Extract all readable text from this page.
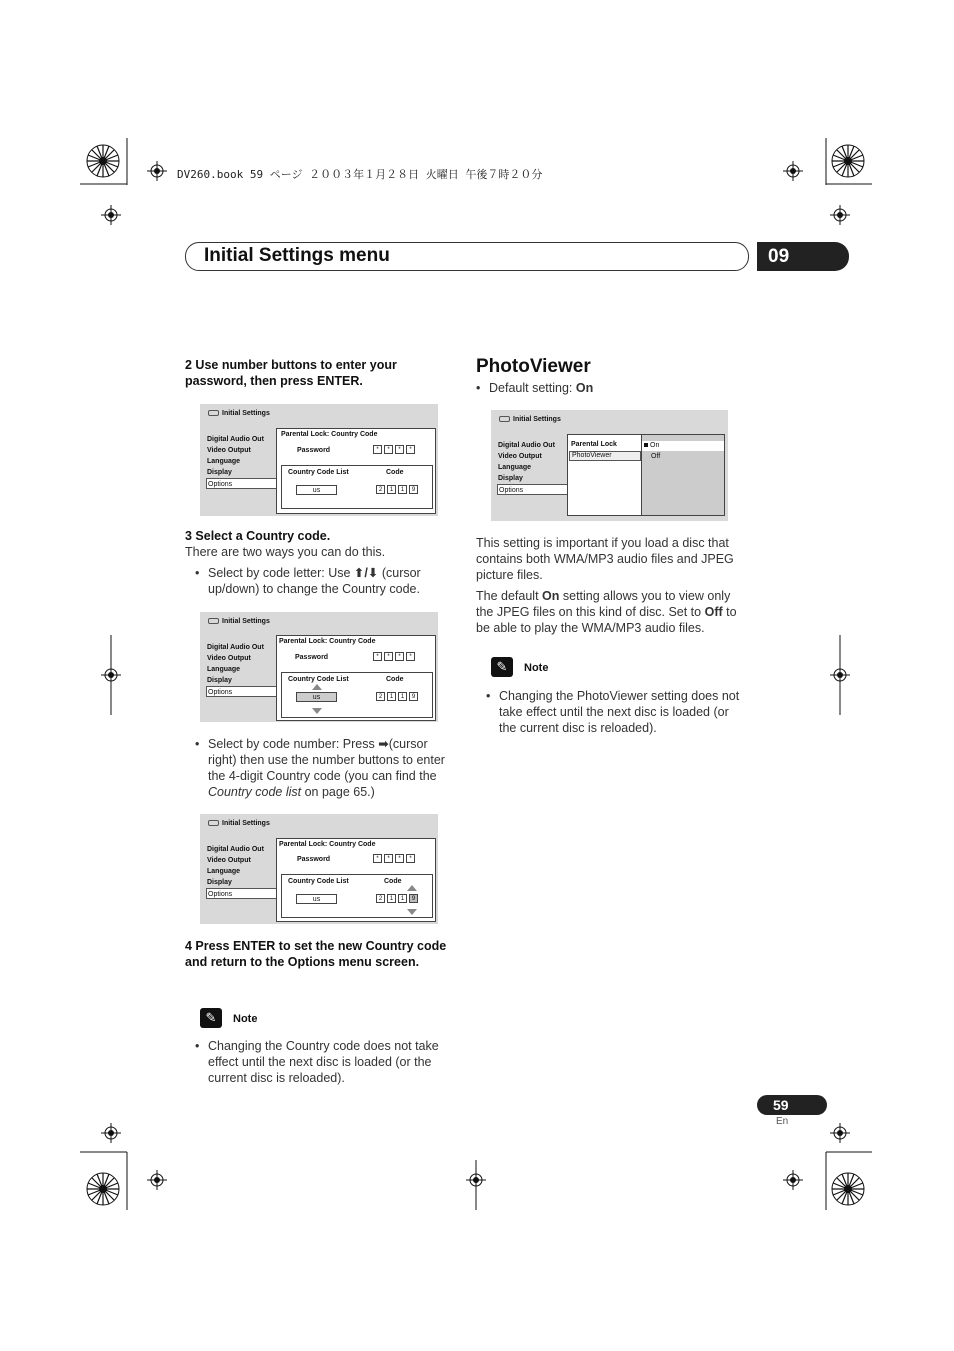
DV260.book 59 ページ ２００３年１月２８日 火曜日 午後７時２０分
Initial Settings menu	09
2 Use number buttons to enter your password, then press ENTER.
Initial Settings
Digital Audio Out
Video Output
Language
Display
Options
Parental Lock: Country Code
Password	*	*	*	*
Country Code List	Code
us	2	1	1	9
3 Select a Country code.
There are two ways you can do this.
• Select by code letter: Use ⬆/⬇ (cursor up/down) to change the Country code.
Initial Settings
Digital Audio Out
Video Output
Language
Display
Options
Parental Lock: Country Code
Password	*	*	*	*
Country Code List	Code
us	2	1	1	9
• Select by code number: Press ➡(cursor right) then use the number buttons to enter the 4-digit Country code (you can find the Country code list on page 65.)
Initial Settings
Digital Audio Out
Video Output
Language
Display
Options
Parental Lock: Country Code
Password	*	*	*	*
Country Code List	Code
us	2	1	1	9
4 Press ENTER to set the new Country code and return to the Options menu screen.
✎	Note
• Changing the Country code does not take effect until the next disc is loaded (or the current disc is reloaded).
PhotoViewer
• Default setting: On
Initial Settings
Digital Audio Out
Video Output
Language
Display
Options
Parental Lock
PhotoViewer
On
Off
This setting is important if you load a disc that contains both WMA/MP3 audio files and JPEG picture files.
The default On setting allows you to view only the JPEG files on this kind of disc. Set to Off to be able to play the WMA/MP3 audio files.
✎	Note
• Changing the PhotoViewer setting does not take effect until the next disc is loaded (or the current disc is reloaded).
59
En
